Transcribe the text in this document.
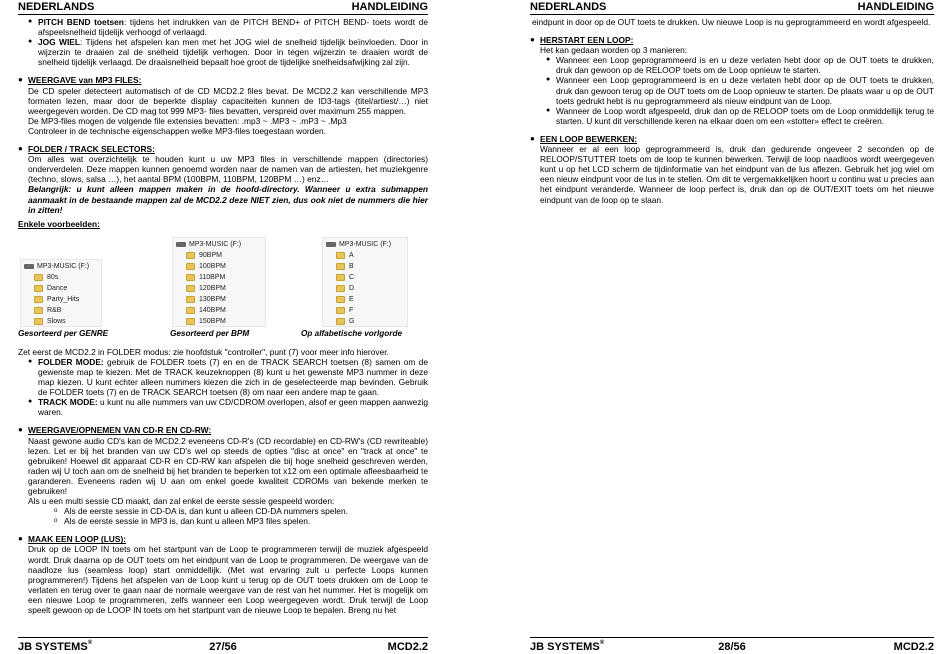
NEDERLANDS	HANDLEIDING
● PITCH BEND toetsen: tijdens het indrukken van de PITCH BEND+ of PITCH BEND- toets wordt de afspeelsnelheid tijdelijk verhoogd of verlaagd.

● JOG WIEL: Tijdens het afspelen kan men met het JOG wiel de snelheid tijdelijk beïnvloeden. Door in wijzerzin te draaien zal de snelheid tijdelijk verhogen. Door in tegen wijzerzin te draaien wordt de snelheid tijdelijk verlaagd. De draaisnelheid bepaalt hoe groot de tijdelijke snelheidsafwijking zal zijn.

● WEERGAVE van MP3 FILES:

De CD speler detecteert automatisch of de CD MCD2.2 files bevat. De MCD2.2 kan verschillende MP3 formaten lezen, maar door de beperkte display capaciteiten kunnen de ID3-tags (titel/artiest/…) niet weergegeven worden. De CD mag tot 999 MP3- files bevatten, verspreid over maximum 255 mappen.

De MP3-files mogen de volgende file extensies bevatten: .mp3 ~ .MP3 ~ .mP3 ~ .Mp3

Controleer in de technische eigenschappen welke MP3-files toegestaan worden.

● FOLDER / TRACK SELECTORS:

Om alles wat overzichtelijk te houden kunt u uw MP3 files in verschillende mappen (directories) onderverdelen. Deze mappen kunnen genoemd worden naar de namen van de artiesten, het muziekgenre (techno, slows, salsa …), het aantal BPM (100BPM, 110BPM, 120BPM …) enz…

Belangrijk: u kunt alleen mappen maken in de hoofd-directory. Wanneer u extra submappen aanmaakt in de bestaande mappen zal de MCD2.2 deze NIET zien, dus ook niet de nummers die hier in zitten!

Enkele voorbeelden:
MP3-MUSIC (F:)
80s
Dance
Party_Hits
R&B
Slows
MP3-MUSIC (F:)
90BPM
100BPM
110BPM
120BPM
130BPM
140BPM
150BPM
MP3-MUSIC (F:)
A
B
C
D
E
F
G
Gesorteerd per GENRE	Gesorteerd per BPM	Op alfabetische vorlgorde

Zet eerst de MCD2.2 in FOLDER modus: zie hoofdstuk "controller", punt (7) voor meer info hierover.

● FOLDER MODE: gebruik de FOLDER toets (7) en en de TRACK SEARCH toetsen (8) samen om de gewenste map te kiezen. Met de TRACK keuzeknoppen (8) kunt u het gewenste MP3 nummer in deze map kiezen. U kunt echter alleen nummers kiezen die zich in de geselecteerde map bevinden. Gebruik de FOLDER toets (7) en de TRACK SEARCH toetsen (8) om naar een andere map te gaan.

● TRACK MODE: u kunt nu alle nummers van uw CD/CDROM overlopen, alsof er geen mappen aanwezig waren.

● WEERGAVE/OPNEMEN VAN CD-R EN CD-RW:

Naast gewone audio CD's kan de MCD2.2 eveneens CD-R's (CD recordable) en CD-RW's (CD rewriteable) lezen. Let er bij het branden van uw CD's wel op steeds de opties "disc at once" en "track at once" te gebruiken! Hoewel dit apparaat CD-R en CD-RW kan afspelen die bij hoge snelheid geschreven werden, raden wij U toch aan om de snelheid bij het branden te beperken tot x12 om een optimale afleesbaarheid te garanderen. Eveneens raden wij U aan om enkel goede kwaliteit CDROMs van bekende merken te gebruiken!

Als u een multi sessie CD maakt, dan zal enkel de eerste sessie gespeeld worden:

o Als de eerste sessie in CD-DA is, dan kunt u alleen CD-DA nummers spelen.

o Als de eerste sessie in MP3 is, dan kunt u alleen MP3 files spelen.

● MAAK EEN LOOP (LUS):

Druk op de LOOP IN toets om het startpunt van de Loop te programmeren terwijl de muziek afgespeeld wordt. Druk daarna op de OUT toets om het eindpunt van de Loop te programmeren. De weergave van de naadloze lus (seamless loop) start onmiddellijk. (Met wat ervaring zult u perfecte Loops kunnen programmeren!) Tijdens het afspelen van de Loop kunt u terug op de OUT toets drukken om de Loop te verlaten en terug over te gaan naar de normale weergave van de rest van het nummer. Het is mogelijk om een nieuwe Loop te programmeren, zelfs wanneer een Loop weergegeven wordt. Druk terwijl de Loop speelt gewoon op de LOOP IN toets om het startpunt van de nieuwe Loop te bepalen. Breng nu het

JB SYSTEMS®	27/56	MCD2.2
NEDERLANDS	HANDLEIDING

eindpunt in door op de OUT toets te drukken. Uw nieuwe Loop is nu geprogrammeerd en wordt afgespeeld.

● HERSTART EEN LOOP:

Het kan gedaan worden op 3 manieren:

● Wanneer een Loop geprogrammeerd is en u deze verlaten hebt door op de OUT toets te drukken, druk dan gewoon op de RELOOP toets om de Loop opnieuw te starten.

● Wanneer een Loop geprogrammeerd is en u deze verlaten hebt door op de OUT toets te drukken, druk dan gewoon terug op de OUT toets om de Loop opnieuw te starten. De plaats waar u op de OUT toets gedrukt hebt is nu geprogrammeerd als nieuw eindpunt van de Loop.

● Wanneer de Loop wordt afgespeeld, druk dan op de RELOOP toets om de Loop onmiddellijk terug te starten. U kunt dit verschillende keren na elkaar doen om een «stotter» effect te creëren.

● EEN LOOP BEWERKEN:

Wanneer er al een loop geprogrammeerd is, druk dan gedurende ongeveer 2 seconden op de RELOOP/STUTTER toets om de loop te kunnen bewerken. Terwijl de loop naadloos wordt weergegeven kunt u op het LCD scherm de tijdinformatie van het eindpunt van de lus aflezen. Gebruik het jog wiel om een nieuw eindpunt voor de lus in te stellen. Om dit te vergemakkelijken hoort u continu wat u precies aan het eindpunt veranderde. Wanneer de loop perfect is, druk dan op de OUT/EXIT toets om het nieuwe eindpunt van de loop op te slaan.

JB SYSTEMS®	28/56	MCD2.2
